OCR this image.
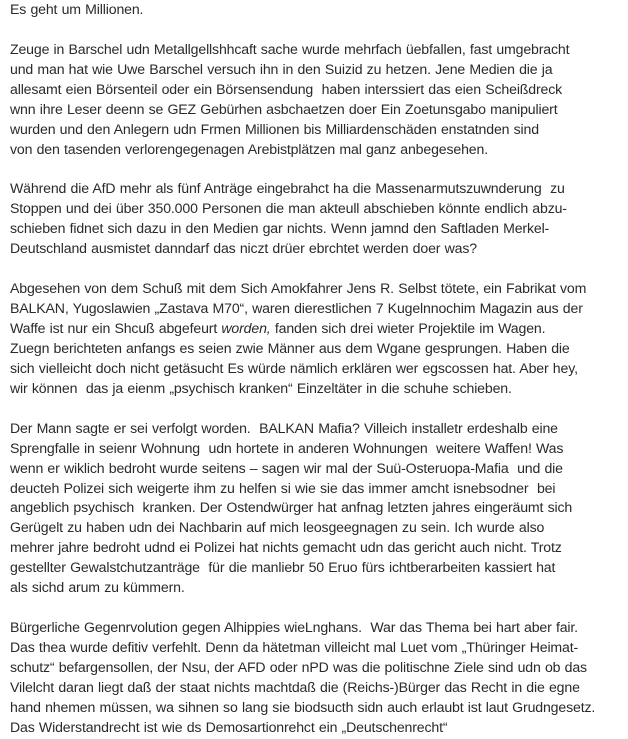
Es geht um Millionen.
Zeuge in Barschel udn Metallgellshhcaft sache wurde mehrfach üebfallen, fast umgebracht
und man hat wie Uwe Barschel versuch ihn in den Suizid zu hetzen. Jene Medien die ja
allesamt eien Börsenteil oder ein Börsensendung  haben interssiert das eien Scheißdreck
wnn ihre Leser deenn se GEZ Gebürhen asbchaetzen doer Ein Zoetunsgabo manipuliert
wurden und den Anlegern udn Frmen Millionen bis Milliardenschäden enstatnden sind
von den tasenden verlorengegenagen Arebistplätzen mal ganz anbegesehen.
Während die AfD mehr als fünf Anträge eingebrahct ha die Massenarmutszuwnderung  zu
Stoppen und dei über 350.000 Personen die man akteull abschieben könnte endlich abzu-
schieben fidnet sich dazu in den Medien gar nichts. Wenn jamnd den Saftladen Merkel-
Deutschland ausmistet danndarf das niczt drüer ebrchtet werden doer was?
Abgesehen von dem Schuß mit dem Sich Amokfahrer Jens R. Selbst tötete, ein Fabrikat vom
BALKAN, Yugoslawien „Zastava M70“, waren dierestlichen 7 Kugelnnochim Magazin aus der
Waffe ist nur ein Shcuß abgefeurt worden, fanden sich drei wieter Projektile im Wagen.
Zuegn berichteten anfangs es seien zwie Männer aus dem Wgane gesprungen. Haben die
sich vielleicht doch nicht getäsucht Es würde nämlich erklären wer egscossen hat. Aber hey,
wir können  das ja eienm „psychisch kranken“ Einzeltäter in die schuhe schieben.
Der Mann sagte er sei verfolgt worden.  BALKAN Mafia? Villeich installetr erdeshalb eine
Sprengfalle in seienr Wohnung  udn hortete in anderen Wohnungen  weitere Waffen! Was
wenn er wiklich bedroht wurde seitens – sagen wir mal der Suü-Osteruopa-Mafia  und die
deucteh Polizei sich weigerte ihm zu helfen si wie sie das immer amcht isnebsodner  bei
angeblich psychisch  kranken. Der Ostendwürger hat anfnag letzten jahres eingeräumt sich
Gerügelt zu haben udn dei Nachbarin auf mich leosgeegnagen zu sein. Ich wurde also
mehrer jahre bedroht udnd ei Polizei hat nichts gemacht udn das gericht auch nicht. Trotz
gestellter Gewalstchutzanträge  für die manliebr 50 Eruo fürs ichtberarbeiten kassiert hat
als sichd arum zu kümmern.
Bürgerliche Gegenrvolution gegen Alhippies wieLnghans.  War das Thema bei hart aber fair.
Das thea wurde defitiv verfehlt. Denn da hätetman villeicht mal Luet vom „Thüringer Heimat-
schutz“ befargensollen, der Nsu, der AFD oder nPD was die politischne Ziele sind udn ob das
Vilelcht daran liegt daß der staat nichts machtdaß die (Reichs-)Bürger das Recht in die egne
hand nhemen müssen, wa sihnen so lang sie biodsucth sidn auch erlaubt ist laut Grudngesetz.
Das Widerstandrecht ist wie ds Demosartionrehct ein „Deutschenrecht“
